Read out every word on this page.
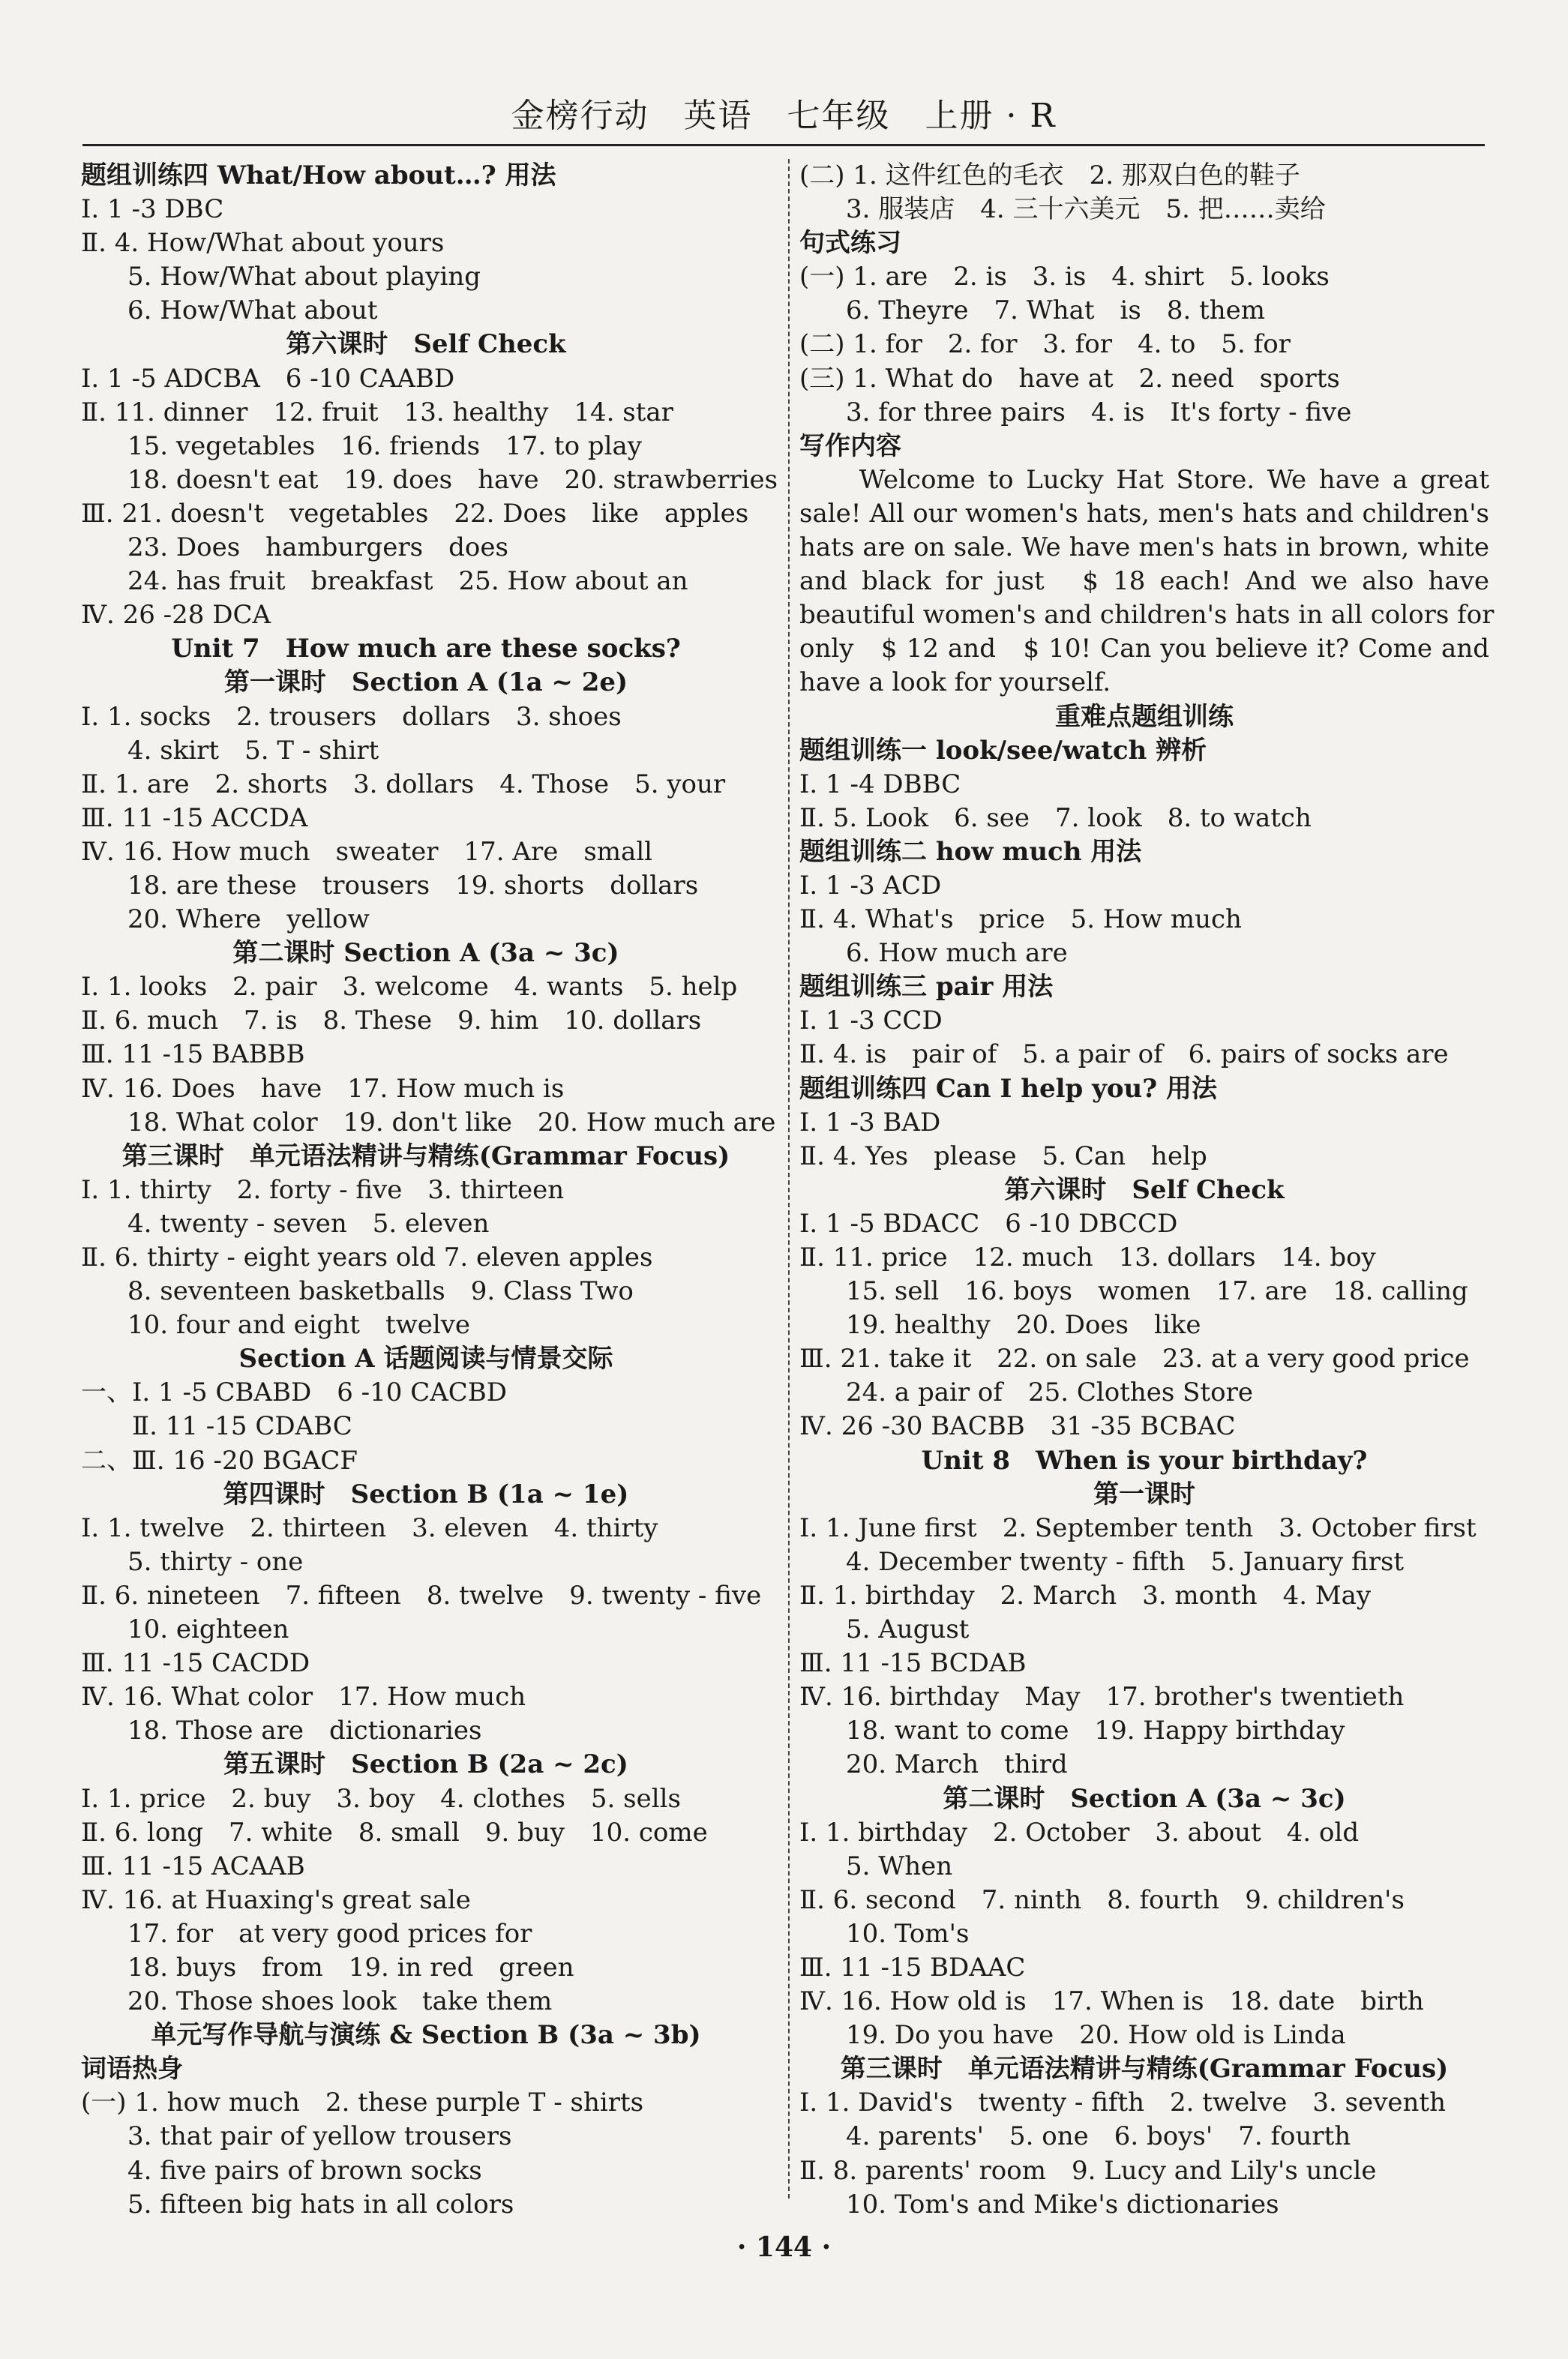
金榜行动　英语　七年级　上册 · R
题组训练四 What/How about…? 用法
Ⅰ. 1 -3 DBC
Ⅱ. 4. How/What about yours
5. How/What about playing
6. How/What about
第六课时　Self Check
Ⅰ. 1 -5 ADCBA　6 -10 CAABD
Ⅱ. 11. dinner　12. fruit　13. healthy　14. star
15. vegetables　16. friends　17. to play
18. doesn't eat　19. does　have　20. strawberries
Ⅲ. 21. doesn't　vegetables　22. Does　like　apples
23. Does　hamburgers　does
24. has fruit　breakfast　25. How about an
Ⅳ. 26 -28 DCA
Unit 7　How much are these socks?
第一课时　Section A (1a ~ 2e)
Ⅰ. 1. socks　2. trousers　dollars　3. shoes
4. skirt　5. T - shirt
Ⅱ. 1. are　2. shorts　3. dollars　4. Those　5. your
Ⅲ. 11 -15 ACCDA
Ⅳ. 16. How much　sweater　17. Are　small
18. are these　trousers　19. shorts　dollars
20. Where　yellow
第二课时 Section A (3a ~ 3c)
Ⅰ. 1. looks　2. pair　3. welcome　4. wants　5. help
Ⅱ. 6. much　7. is　8. These　9. him　10. dollars
Ⅲ. 11 -15 BABBB
Ⅳ. 16. Does　have　17. How much is
18. What color　19. don't like　20. How much are
第三课时　单元语法精讲与精练(Grammar Focus)
Ⅰ. 1. thirty　2. forty - five　3. thirteen
4. twenty - seven　5. eleven
Ⅱ. 6. thirty - eight years old 7. eleven apples
8. seventeen basketballs　9. Class Two
10. four and eight　twelve
Section A 话题阅读与情景交际
一、Ⅰ. 1 -5 CBABD　6 -10 CACBD
　　Ⅱ. 11 -15 CDABC
二、Ⅲ. 16 -20 BGACF
第四课时　Section B (1a ~ 1e)
Ⅰ. 1. twelve　2. thirteen　3. eleven　4. thirty
5. thirty - one
Ⅱ. 6. nineteen　7. fifteen　8. twelve　9. twenty - five
10. eighteen
Ⅲ. 11 -15 CACDD
Ⅳ. 16. What color　17. How much
18. Those are　dictionaries
第五课时　Section B (2a ~ 2c)
Ⅰ. 1. price　2. buy　3. boy　4. clothes　5. sells
Ⅱ. 6. long　7. white　8. small　9. buy　10. come
Ⅲ. 11 -15 ACAAB
Ⅳ. 16. at Huaxing's great sale
17. for　at very good prices for
18. buys　from　19. in red　green
20. Those shoes look　take them
单元写作导航与演练 & Section B (3a ~ 3b)
词语热身
(一) 1. how much　2. these purple T - shirts
3. that pair of yellow trousers
4. five pairs of brown socks
5. fifteen big hats in all colors
(二) 1. 这件红色的毛衣　2. 那双白色的鞋子
3. 服装店　4. 三十六美元　5. 把……卖给
句式练习
(一) 1. are　2. is　3. is　4. shirt　5. looks
6. Theyre　7. What　is　8. them
(二) 1. for　2. for　3. for　4. to　5. for
(三) 1. What do　have at　2. need　sports
3. for three pairs　4. is　It's forty - five
写作内容
　　Welcome to Lucky Hat Store. We have a great
sale! All our women's hats, men's hats and children's
hats are on sale. We have men's hats in brown, white
and black for just　$ 18 each! And we also have
beautiful women's and children's hats in all colors for
only　$ 12 and　$ 10! Can you believe it? Come and
have a look for yourself.
重难点题组训练
题组训练一 look/see/watch 辨析
Ⅰ. 1 -4 DBBC
Ⅱ. 5. Look　6. see　7. look　8. to watch
题组训练二 how much 用法
Ⅰ. 1 -3 ACD
Ⅱ. 4. What's　price　5. How much
6. How much are
题组训练三 pair 用法
Ⅰ. 1 -3 CCD
Ⅱ. 4. is　pair of　5. a pair of　6. pairs of socks are
题组训练四 Can I help you? 用法
Ⅰ. 1 -3 BAD
Ⅱ. 4. Yes　please　5. Can　help
第六课时　Self Check
Ⅰ. 1 -5 BDACC　6 -10 DBCCD
Ⅱ. 11. price　12. much　13. dollars　14. boy
15. sell　16. boys　women　17. are　18. calling
19. healthy　20. Does　like
Ⅲ. 21. take it　22. on sale　23. at a very good price
24. a pair of　25. Clothes Store
Ⅳ. 26 -30 BACBB　31 -35 BCBAC
Unit 8　When is your birthday?
第一课时
Ⅰ. 1. June first　2. September tenth　3. October first
4. December twenty - fifth　5. January first
Ⅱ. 1. birthday　2. March　3. month　4. May
5. August
Ⅲ. 11 -15 BCDAB
Ⅳ. 16. birthday　May　17. brother's twentieth
18. want to come　19. Happy birthday
20. March　third
第二课时　Section A (3a ~ 3c)
Ⅰ. 1. birthday　2. October　3. about　4. old
5. When
Ⅱ. 6. second　7. ninth　8. fourth　9. children's
10. Tom's
Ⅲ. 11 -15 BDAAC
Ⅳ. 16. How old is　17. When is　18. date　birth
19. Do you have　20. How old is Linda
第三课时　单元语法精讲与精练(Grammar Focus)
Ⅰ. 1. David's　twenty - fifth　2. twelve　3. seventh
4. parents'　5. one　6. boys'　7. fourth
Ⅱ. 8. parents' room　9. Lucy and Lily's uncle
10. Tom's and Mike's dictionaries
· 144 ·
